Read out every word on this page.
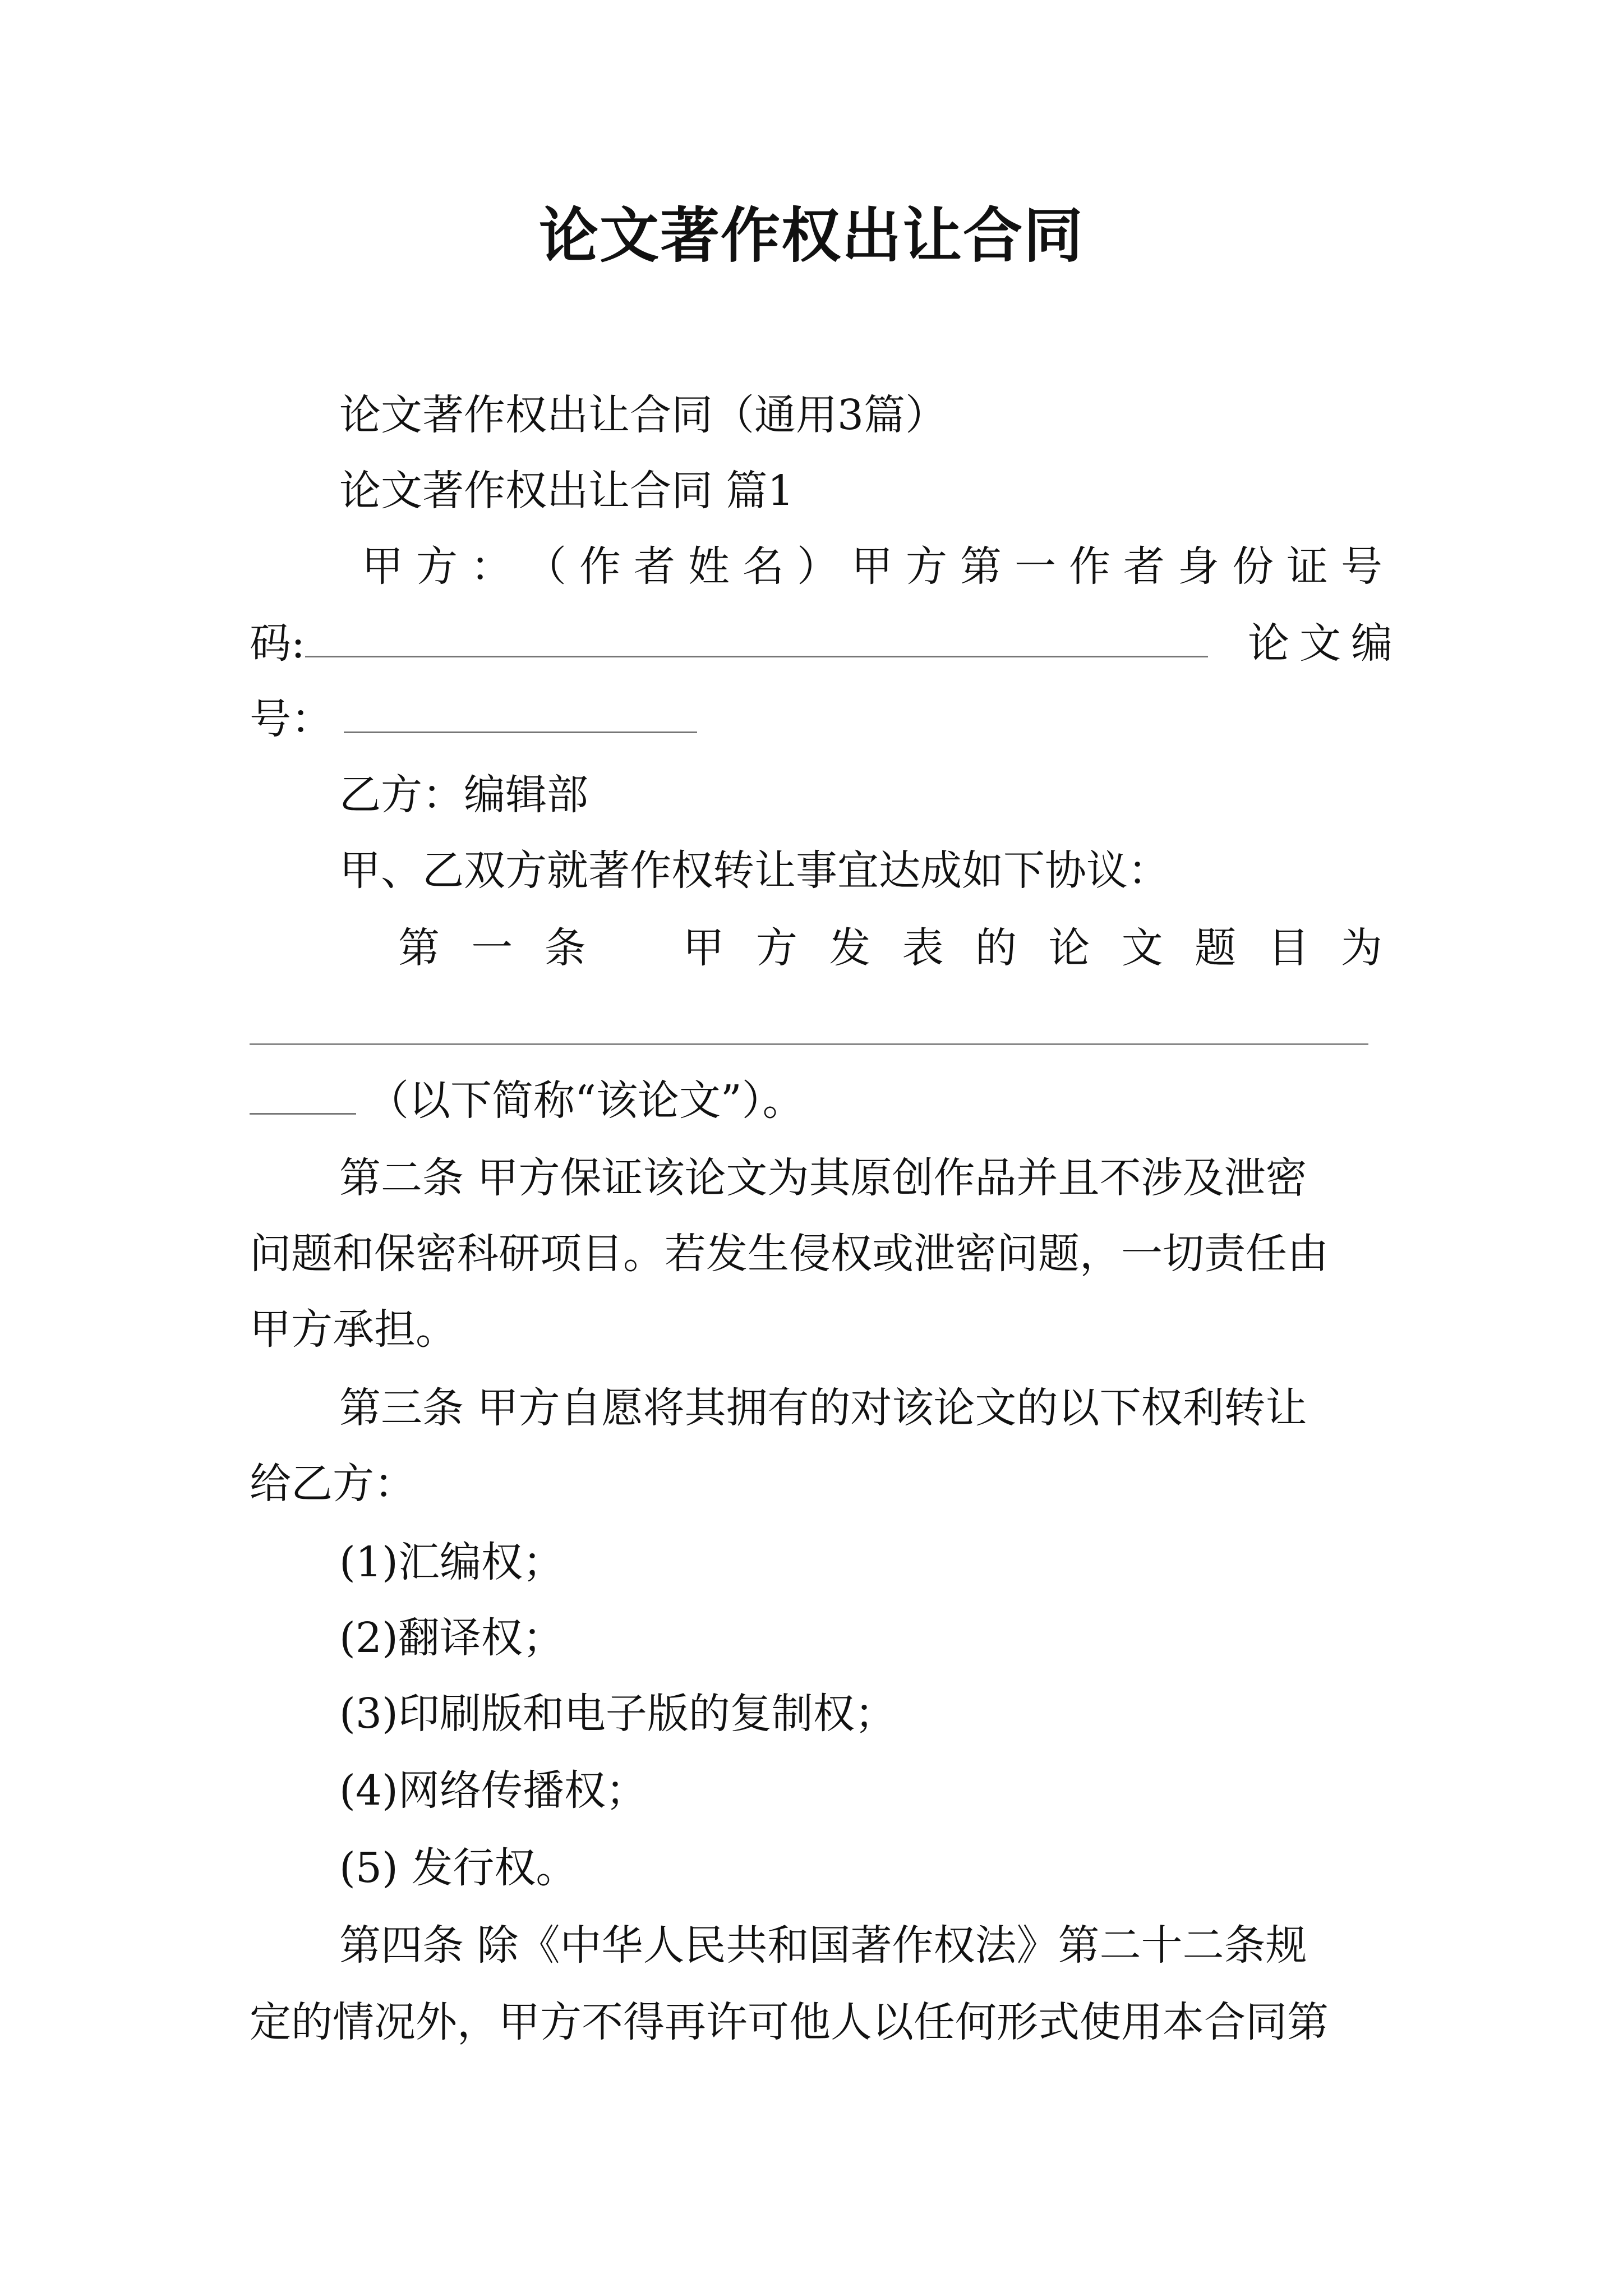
论文著作权出让合同
论文著作权出让合同（通用3篇）
论文著作权出让合同 篇1
甲 方 ： （ 作 者 姓 名 ） 甲 方 第 一 作 者 身 份 证 号
码:	论文编
号：
乙方：编辑部
甲、乙双方就著作权转让事宜达成如下协议：
第 一 条 甲 方 发 表 的 论 文 题 目 为
（以下简称“该论文”）。
第二条 甲方保证该论文为其原创作品并且不涉及泄密
问题和保密科研项目。若发生侵权或泄密问题，一切责任由
甲方承担。
第三条 甲方自愿将其拥有的对该论文的以下权利转让
给乙方：
(1)汇编权；
(2)翻译权；
(3)印刷版和电子版的复制权；
(4)网络传播权；
(5) 发行权。
第四条 除《中华人民共和国著作权法》第二十二条规
定的情况外，甲方不得再许可他人以任何形式使用本合同第
